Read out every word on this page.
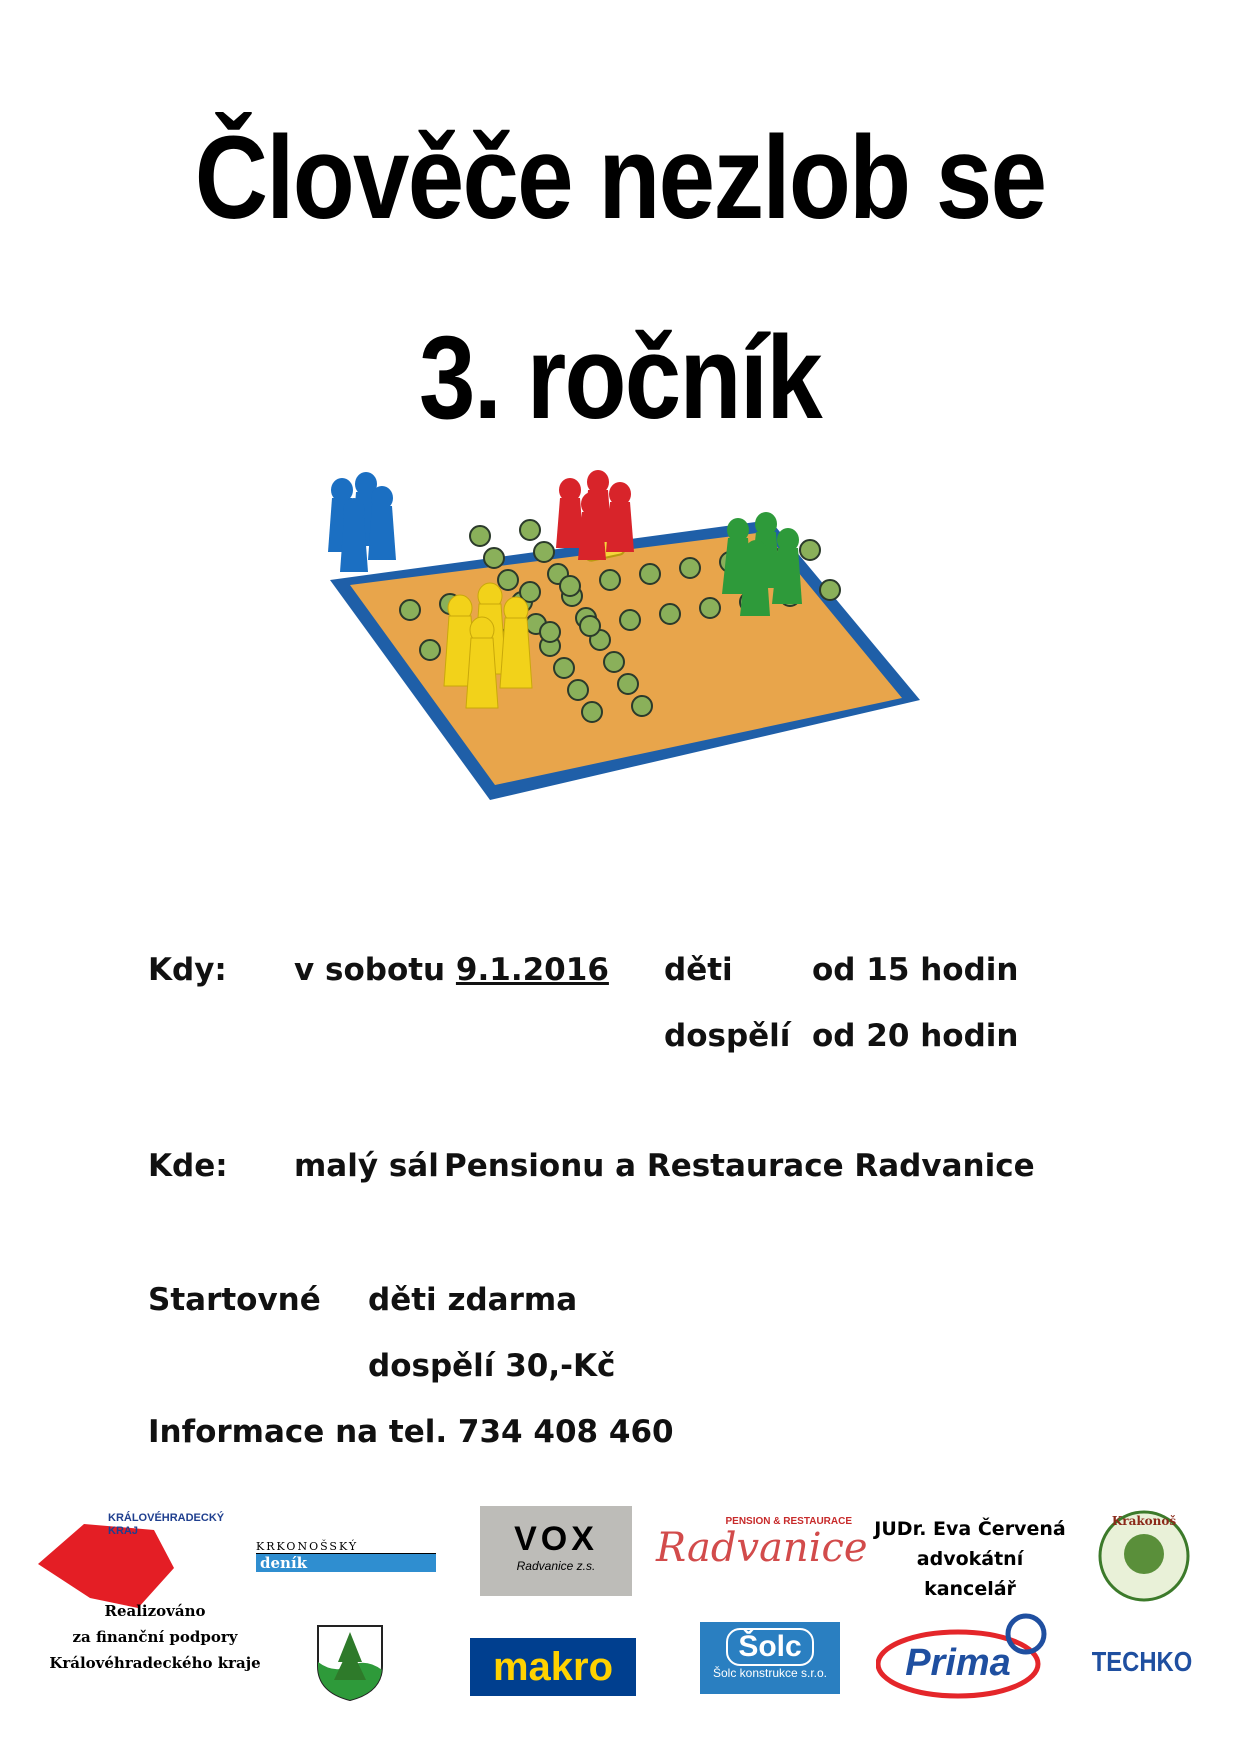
Člověče nezlob se
3. ročník
Kdy: v sobotu 9.1.2016 děti	od 15 hodin
dospělí od 20 hodin
Kde: malý sál Pensionu a Restaurace Radvanice
Startovné děti zdarma
dospělí 30,-Kč
Informace na tel. 734 408 460
KRÁLOVÉHRADECKÝ
KRAJ
Realizováno
za finanční podpory
Královéhradeckého kraje
KRKONOŠSKÝ
deník
VOX
Radvanice z.s.
PENSION & RESTAURACE
Radvanice JUDr. Eva Červená
advokátní kancelář
Krakonoš
makro	Šolc
Šolc konstrukce s.r.o.	Prima	TECHKO
